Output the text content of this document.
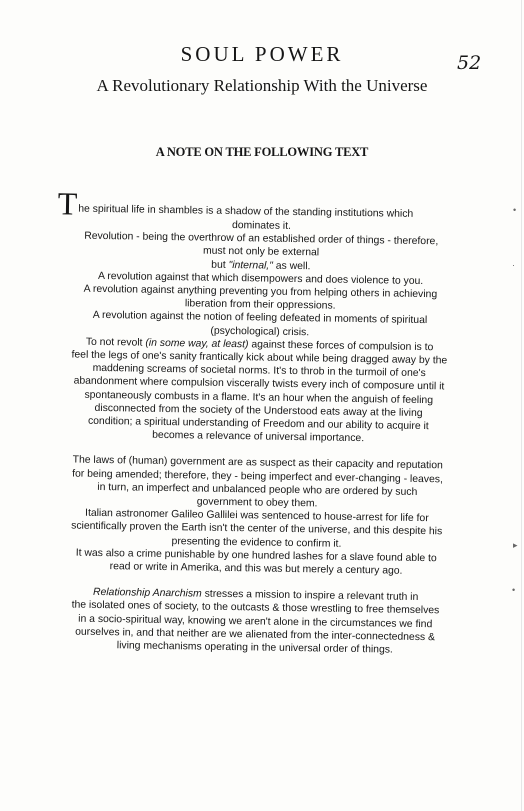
SOUL POWER
A Revolutionary Relationship With the Universe
52
A NOTE ON THE FOLLOWING TEXT

The spiritual life in shambles is a shadow of the standing institutions which

dominates it.

Revolution - being the overthrow of an established order of things - therefore,

must not only be external

but "internal," as well.

A revolution against that which disempowers and does violence to you.

A revolution against anything preventing you from helping others in achieving

liberation from their oppressions.

A revolution against the notion of feeling defeated in moments of spiritual

(psychological) crisis.

To not revolt (in some way, at least) against these forces of compulsion is to

feel the legs of one's sanity frantically kick about while being dragged away by the

maddening screams of societal norms. It's to throb in the turmoil of one's

abandonment where compulsion viscerally twists every inch of composure until it

spontaneously combusts in a flame. It's an hour when the anguish of feeling

disconnected from the society of the Understood eats away at the living

condition; a spiritual understanding of Freedom and our ability to acquire it

becomes a relevance of universal importance.

The laws of (human) government are as suspect as their capacity and reputation

for being amended; therefore, they - being imperfect and ever-changing - leaves,

in turn, an imperfect and unbalanced people who are ordered by such

government to obey them.

Italian astronomer Galileo Gallilei was sentenced to house-arrest for life for

scientifically proven the Earth isn't the center of the universe, and this despite his

presenting the evidence to confirm it.

It was also a crime punishable by one hundred lashes for a slave found able to

read or write in Amerika, and this was but merely a century ago.

Relationship Anarchism stresses a mission to inspire a relevant truth in

the isolated ones of society, to the outcasts & those wrestling to free themselves

in a socio-spiritual way, knowing we aren't alone in the circumstances we find

ourselves in, and that neither are we alienated from the inter-connectedness &

living mechanisms operating in the universal order of things.

•
·
▸
•
